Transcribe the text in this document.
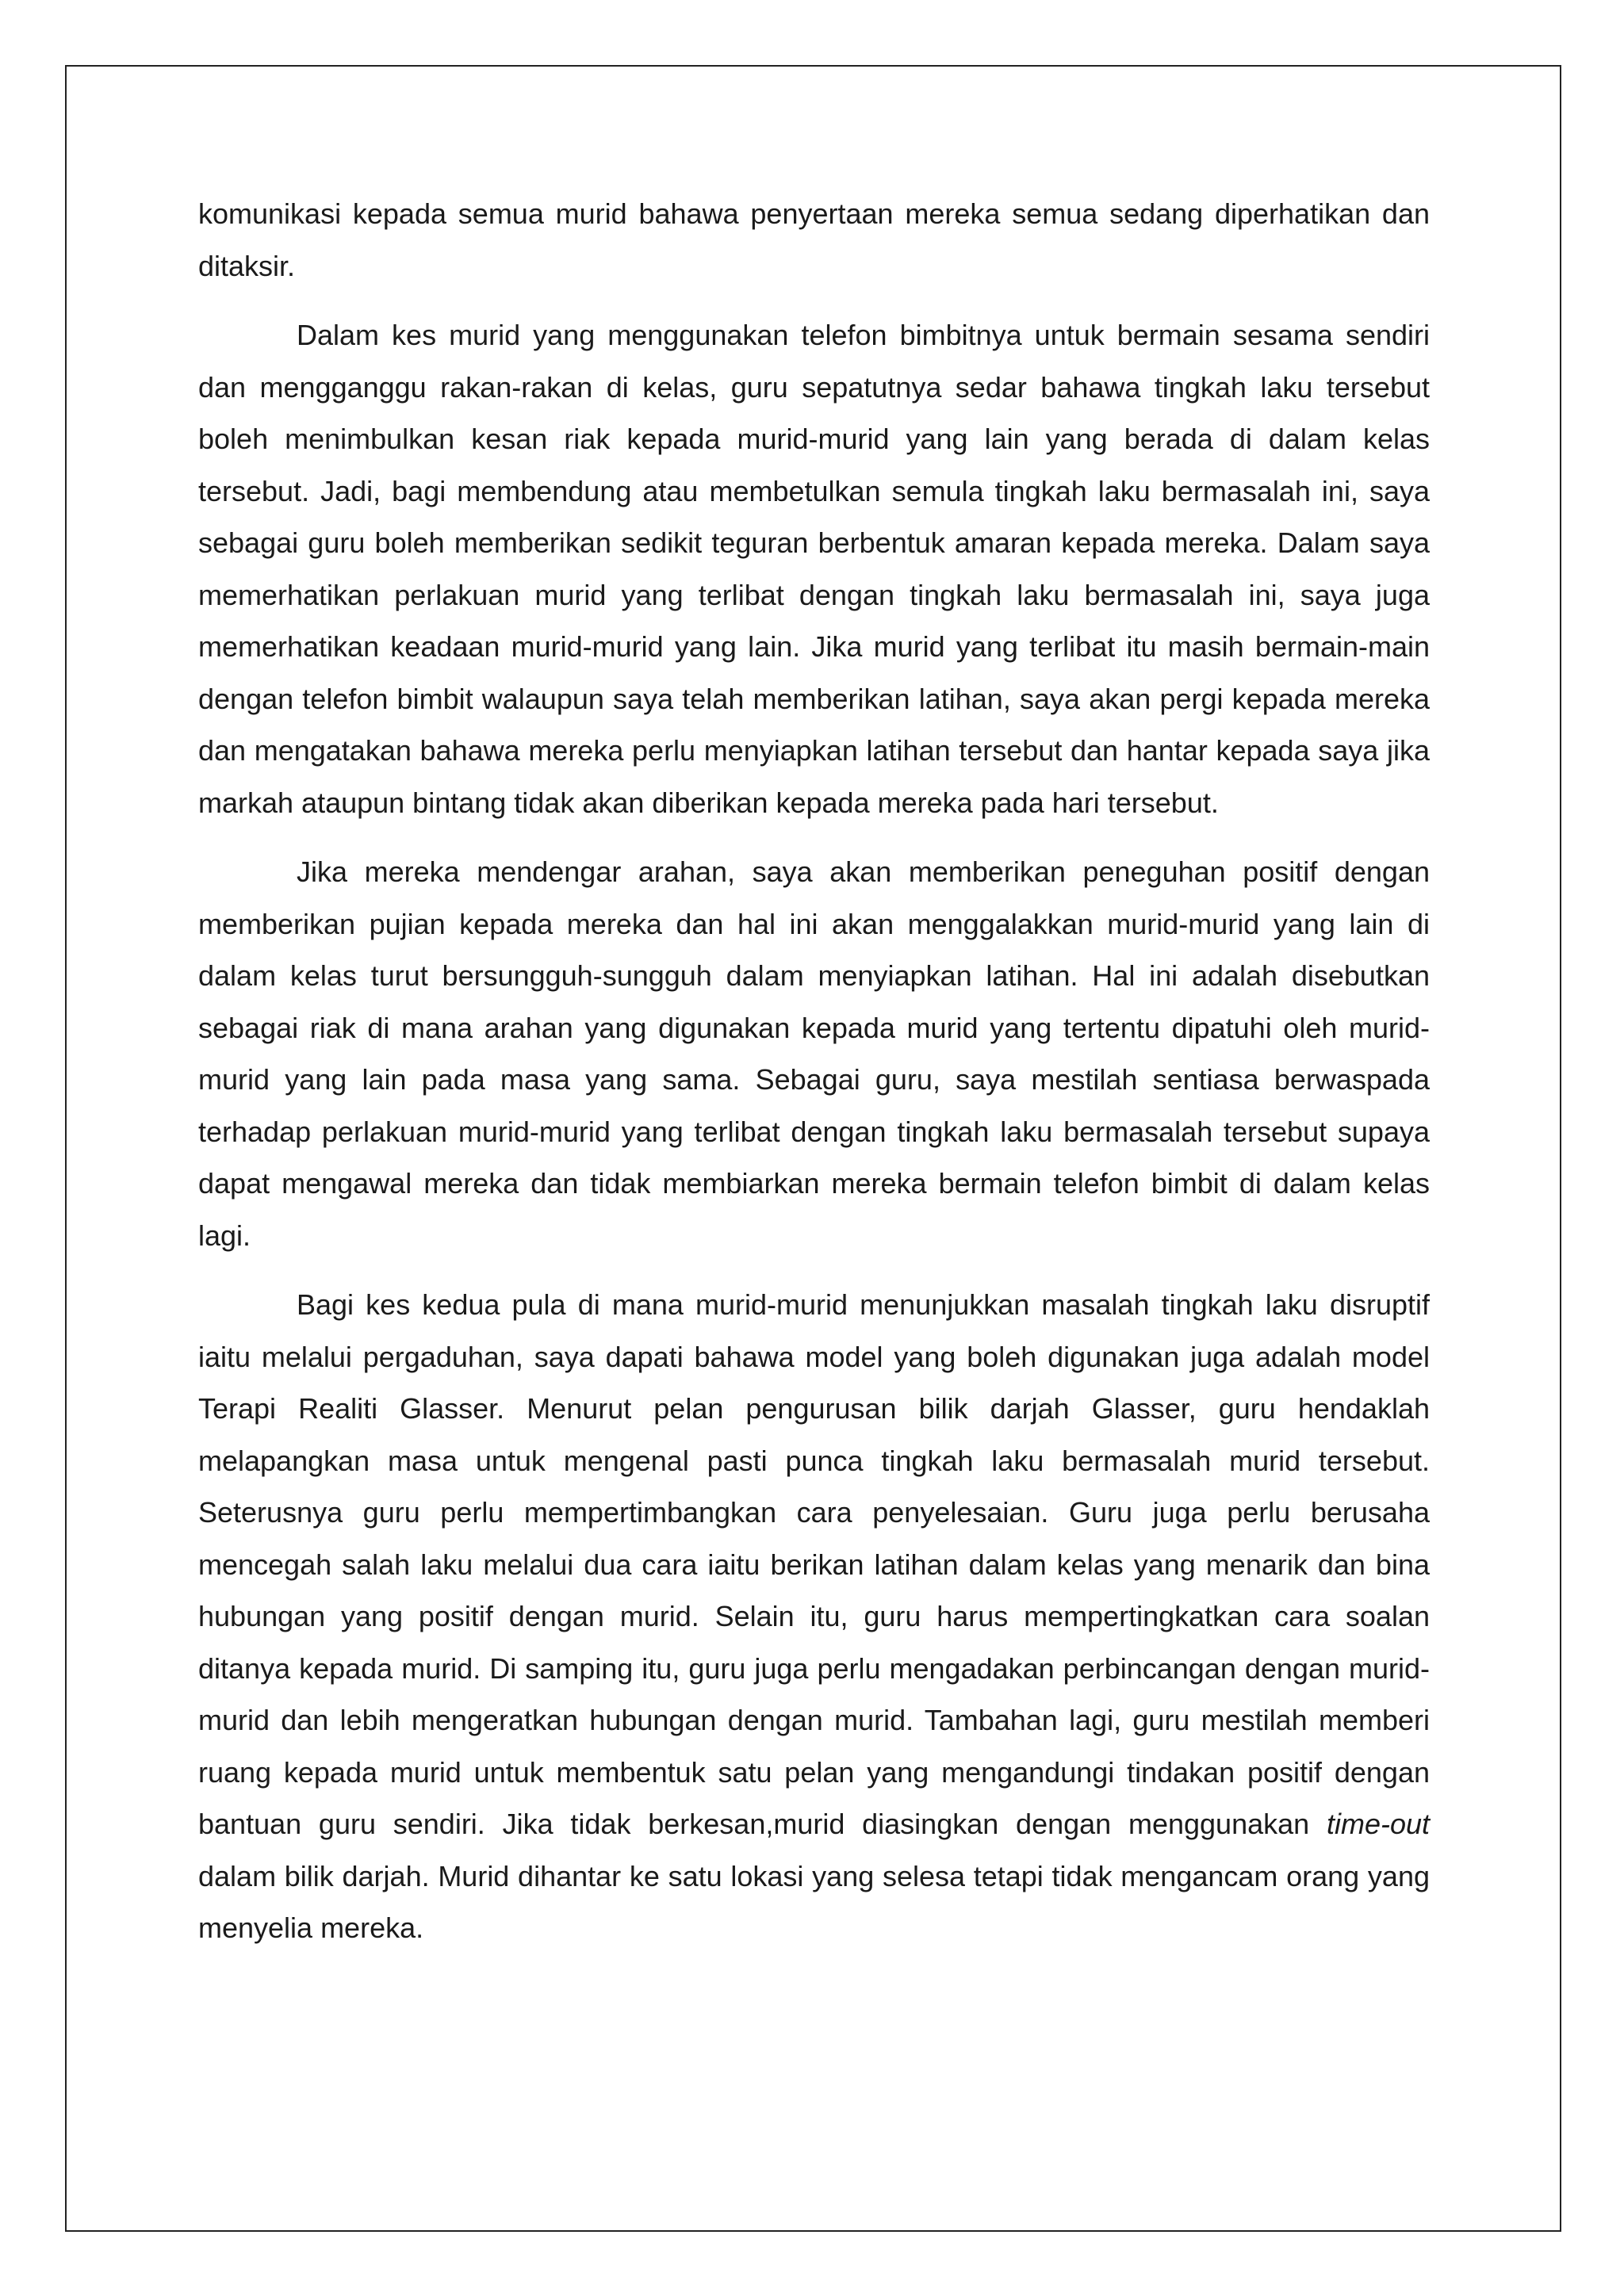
komunikasi kepada semua murid bahawa penyertaan mereka semua sedang diperhatikan dan ditaksir.

Dalam kes murid yang menggunakan telefon bimbitnya untuk bermain sesama sendiri dan mengganggu rakan-rakan di kelas, guru sepatutnya sedar bahawa tingkah laku tersebut boleh menimbulkan kesan riak kepada murid-murid yang lain yang berada di dalam kelas tersebut. Jadi, bagi membendung atau membetulkan semula tingkah laku bermasalah ini, saya sebagai guru boleh memberikan sedikit teguran berbentuk amaran kepada mereka. Dalam saya memerhatikan perlakuan murid yang terlibat dengan tingkah laku bermasalah ini, saya juga memerhatikan keadaan murid-murid yang lain. Jika murid yang terlibat itu masih bermain-main dengan telefon bimbit walaupun saya telah memberikan latihan, saya akan pergi kepada mereka dan mengatakan bahawa mereka perlu menyiapkan latihan tersebut dan hantar kepada saya jika markah ataupun bintang tidak akan diberikan kepada mereka pada hari tersebut.

Jika mereka mendengar arahan, saya akan memberikan peneguhan positif dengan memberikan pujian kepada mereka dan hal ini akan menggalakkan murid-murid yang lain di dalam kelas turut bersungguh-sungguh dalam menyiapkan latihan. Hal ini adalah disebutkan sebagai riak di mana arahan yang digunakan kepada murid yang tertentu dipatuhi oleh murid-murid yang lain pada masa yang sama. Sebagai guru, saya mestilah sentiasa berwaspada terhadap perlakuan murid-murid yang terlibat dengan tingkah laku bermasalah tersebut supaya dapat mengawal mereka dan tidak membiarkan mereka bermain telefon bimbit di dalam kelas lagi.

Bagi kes kedua pula di mana murid-murid menunjukkan masalah tingkah laku disruptif iaitu melalui pergaduhan, saya dapati bahawa model yang boleh digunakan juga adalah model Terapi Realiti Glasser. Menurut pelan pengurusan bilik darjah Glasser, guru hendaklah melapangkan masa untuk mengenal pasti punca tingkah laku bermasalah murid tersebut. Seterusnya guru perlu mempertimbangkan cara penyelesaian. Guru juga perlu berusaha mencegah salah laku melalui dua cara iaitu berikan latihan dalam kelas yang menarik dan bina hubungan yang positif dengan murid. Selain itu, guru harus mempertingkatkan cara soalan ditanya kepada murid. Di samping itu, guru juga perlu mengadakan perbincangan dengan murid-murid dan lebih mengeratkan hubungan dengan murid. Tambahan lagi, guru mestilah memberi ruang kepada murid untuk membentuk satu pelan yang mengandungi tindakan positif dengan bantuan guru sendiri. Jika tidak berkesan,murid diasingkan dengan menggunakan time-out dalam bilik darjah. Murid dihantar ke satu lokasi yang selesa tetapi tidak mengancam orang yang menyelia mereka.
